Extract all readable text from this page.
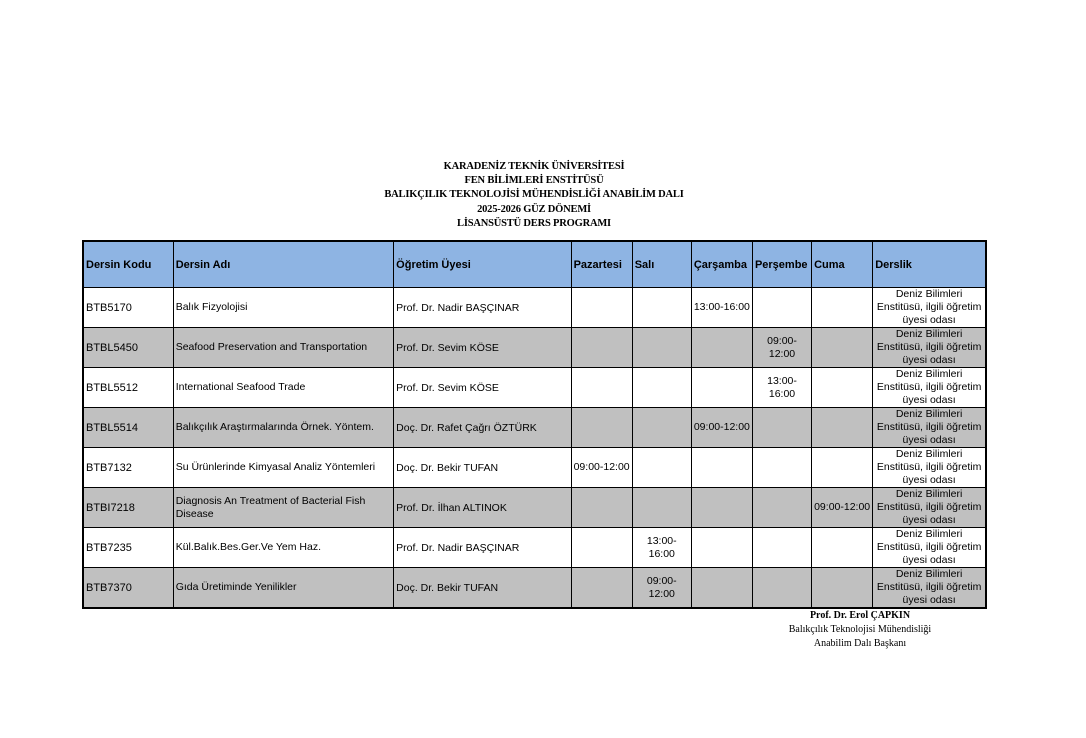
KARADENİZ TEKNİK ÜNİVERSİTESİ
FEN BİLİMLERİ ENSTİTÜSÜ
BALIKÇILIK TEKNOLOJİSİ MÜHENDİSLİĞİ ANABİLİM DALI
2025-2026 GÜZ DÖNEMİ
LİSANSÜSTÜ DERS PROGRAMI
Dersin Kodu	Dersin Adı	Öğretim Üyesi	Pazartesi	Salı	Çarşamba	Perşembe	Cuma	Derslik
BTB5170	Balık Fizyolojisi	Prof. Dr. Nadir BAŞÇINAR			13:00-16:00			Deniz Bilimleri Enstitüsü, ilgili öğretim üyesi odası
BTBL5450	Seafood Preservation and Transportation	Prof. Dr. Sevim KÖSE				09:00-12:00		Deniz Bilimleri Enstitüsü, ilgili öğretim üyesi odası
BTBL5512	International Seafood Trade	Prof. Dr. Sevim KÖSE				13:00-16:00		Deniz Bilimleri Enstitüsü, ilgili öğretim üyesi odası
BTBL5514	Balıkçılık Araştırmalarında Örnek. Yöntem.	Doç. Dr. Rafet Çağrı ÖZTÜRK			09:00-12:00			Deniz Bilimleri Enstitüsü, ilgili öğretim üyesi odası
BTB7132	Su Ürünlerinde Kimyasal Analiz Yöntemleri	Doç. Dr. Bekir TUFAN	09:00-12:00					Deniz Bilimleri Enstitüsü, ilgili öğretim üyesi odası
BTBI7218	Diagnosis An Treatment of Bacterial Fish Disease	Prof. Dr. İlhan ALTINOK					09:00-12:00	Deniz Bilimleri Enstitüsü, ilgili öğretim üyesi odası
BTB7235	Kül.Balık.Bes.Ger.Ve Yem Haz.	Prof. Dr. Nadir BAŞÇINAR		13:00-16:00				Deniz Bilimleri Enstitüsü, ilgili öğretim üyesi odası
BTB7370	Gıda Üretiminde Yenilikler	Doç. Dr. Bekir TUFAN		09:00-12:00				Deniz Bilimleri Enstitüsü, ilgili öğretim üyesi odası
Prof. Dr. Erol ÇAPKIN
Balıkçılık Teknolojisi Mühendisliği
Anabilim Dalı Başkanı
